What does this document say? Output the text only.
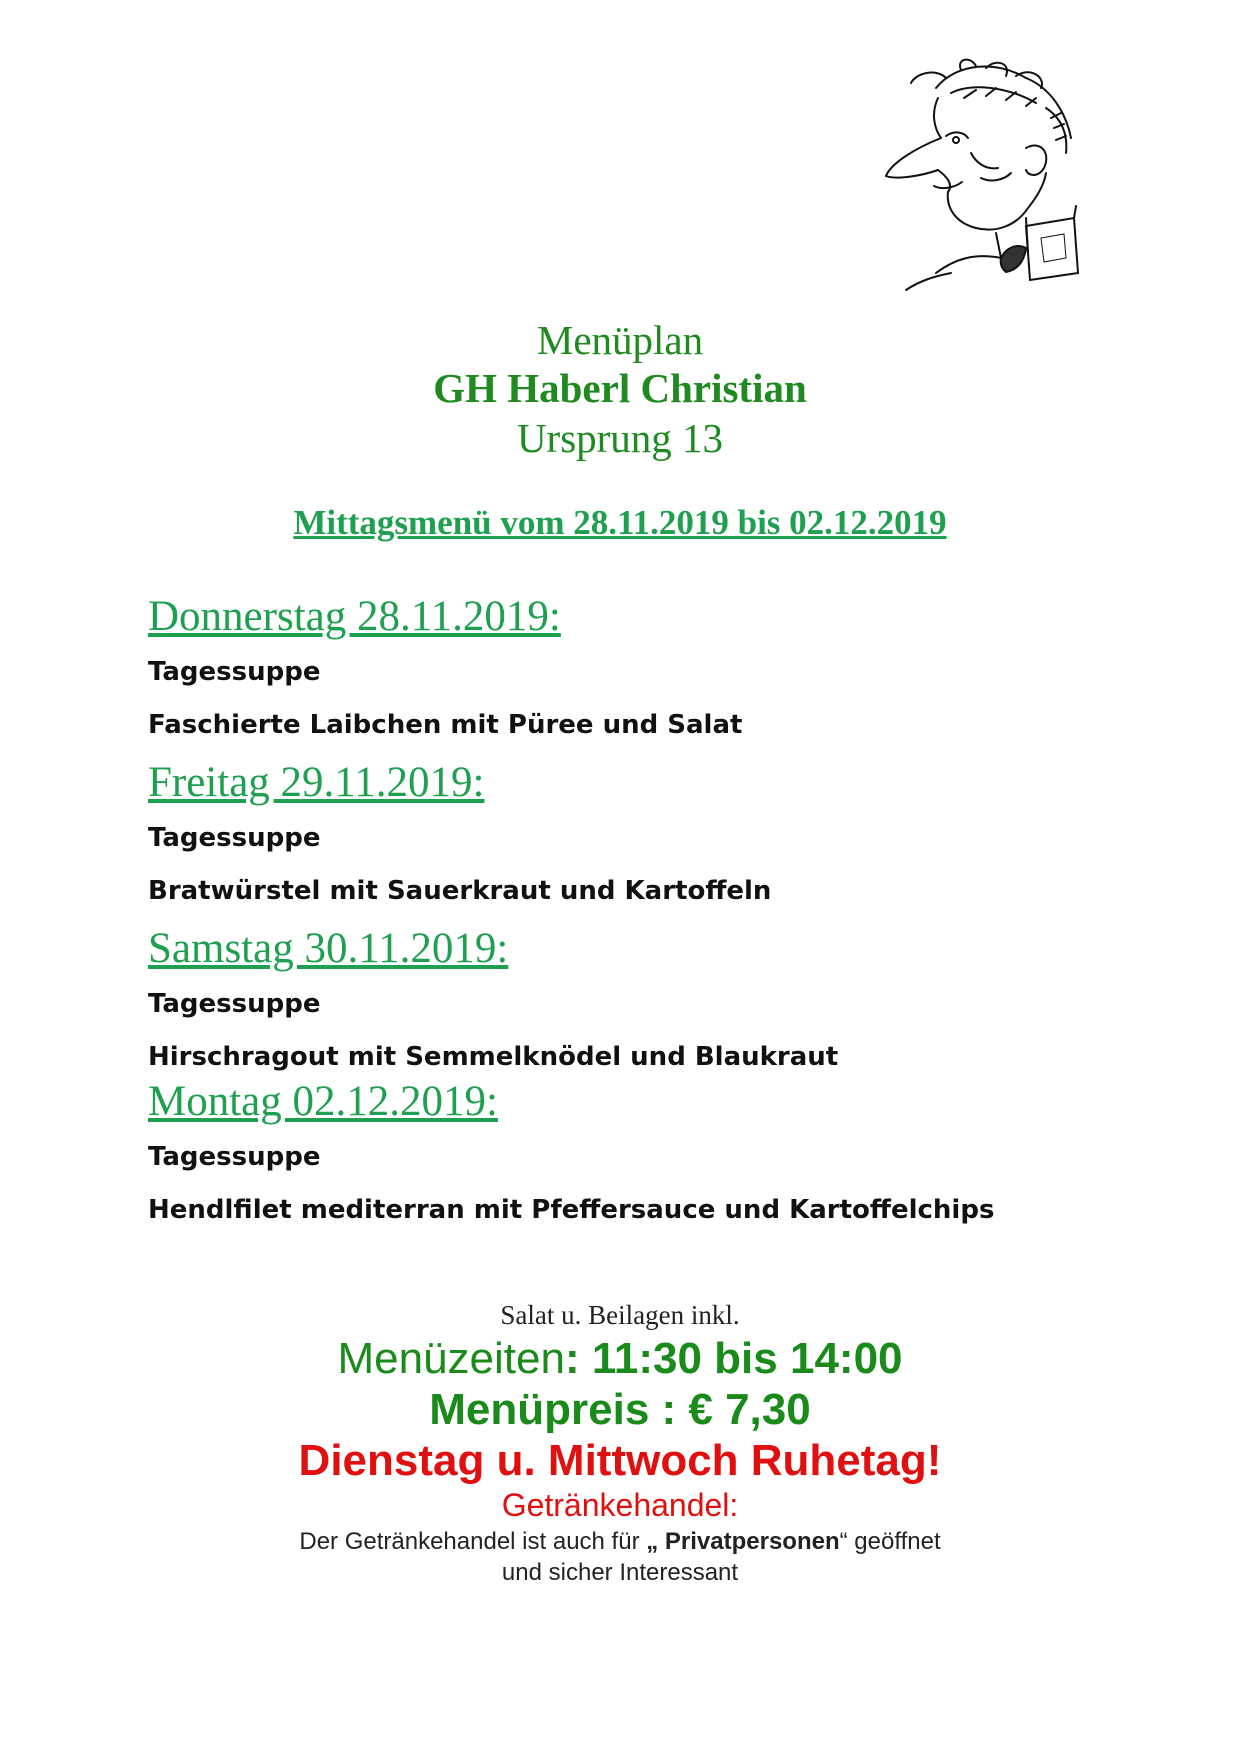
Menüplan
GH Haberl Christian
Ursprung 13
Mittagsmenü vom 28.11.2019 bis 02.12.2019
Donnerstag 28.11.2019:
Tagessuppe
Faschierte Laibchen mit Püree und Salat
Freitag 29.11.2019:
Tagessuppe
Bratwürstel mit Sauerkraut und Kartoffeln
Samstag 30.11.2019:
Tagessuppe
Hirschragout mit Semmelknödel und Blaukraut
Montag 02.12.2019:
Tagessuppe
Hendlfilet mediterran mit Pfeffersauce und Kartoffelchips
Salat u. Beilagen inkl.
Menüzeiten: 11:30 bis 14:00
Menüpreis : € 7,30
Dienstag u. Mittwoch Ruhetag!
Getränkehandel:
Der Getränkehandel ist auch für „ Privatpersonen“ geöffnet
und sicher Interessant
